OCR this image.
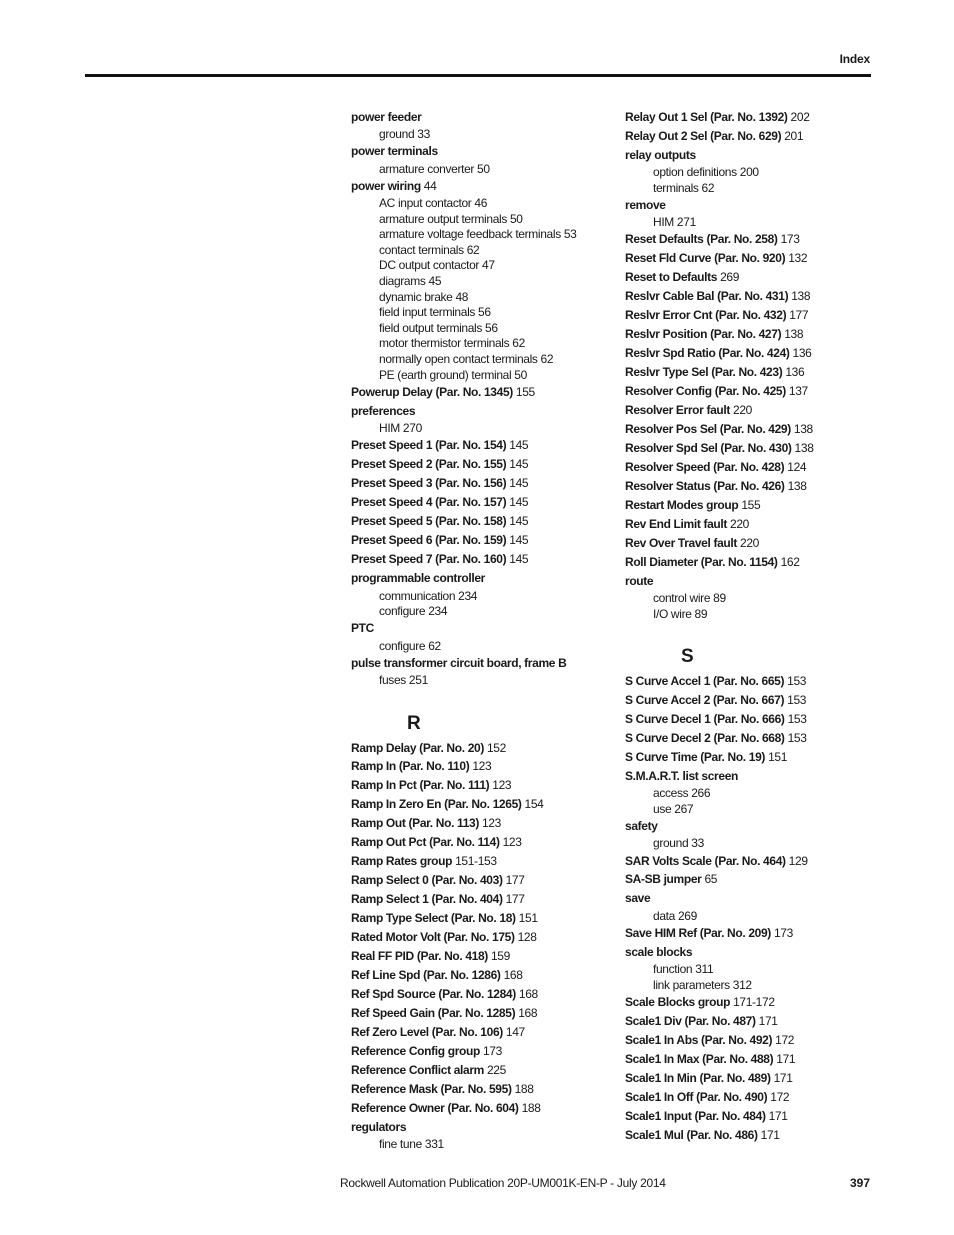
Index
power feeder
ground 33
power terminals
armature converter 50
power wiring 44
AC input contactor 46
armature output terminals 50
armature voltage feedback terminals 53
contact terminals 62
DC output contactor 47
diagrams 45
dynamic brake 48
field input terminals 56
field output terminals 56
motor thermistor terminals 62
normally open contact terminals 62
PE (earth ground) terminal 50
Powerup Delay (Par. No. 1345) 155
preferences
HIM 270
Preset Speed 1 (Par. No. 154) 145
Preset Speed 2 (Par. No. 155) 145
Preset Speed 3 (Par. No. 156) 145
Preset Speed 4 (Par. No. 157) 145
Preset Speed 5 (Par. No. 158) 145
Preset Speed 6 (Par. No. 159) 145
Preset Speed 7 (Par. No. 160) 145
programmable controller
communication 234
configure 234
PTC
configure 62
pulse transformer circuit board, frame B
fuses 251
R
Ramp Delay (Par. No. 20) 152
Ramp In (Par. No. 110) 123
Ramp In Pct (Par. No. 111) 123
Ramp In Zero En (Par. No. 1265) 154
Ramp Out (Par. No. 113) 123
Ramp Out Pct (Par. No. 114) 123
Ramp Rates group 151-153
Ramp Select 0 (Par. No. 403) 177
Ramp Select 1 (Par. No. 404) 177
Ramp Type Select (Par. No. 18) 151
Rated Motor Volt (Par. No. 175) 128
Real FF PID (Par. No. 418) 159
Ref Line Spd (Par. No. 1286) 168
Ref Spd Source (Par. No. 1284) 168
Ref Speed Gain (Par. No. 1285) 168
Ref Zero Level (Par. No. 106) 147
Reference Config group 173
Reference Conflict alarm 225
Reference Mask (Par. No. 595) 188
Reference Owner (Par. No. 604) 188
regulators
fine tune 331
Relay Out 1 Sel (Par. No. 1392) 202
Relay Out 2 Sel (Par. No. 629) 201
relay outputs
option definitions 200
terminals 62
remove
HIM 271
Reset Defaults (Par. No. 258) 173
Reset Fld Curve (Par. No. 920) 132
Reset to Defaults 269
Reslvr Cable Bal (Par. No. 431) 138
Reslvr Error Cnt (Par. No. 432) 177
Reslvr Position (Par. No. 427) 138
Reslvr Spd Ratio (Par. No. 424) 136
Reslvr Type Sel (Par. No. 423) 136
Resolver Config (Par. No. 425) 137
Resolver Error fault 220
Resolver Pos Sel (Par. No. 429) 138
Resolver Spd Sel (Par. No. 430) 138
Resolver Speed (Par. No. 428) 124
Resolver Status (Par. No. 426) 138
Restart Modes group 155
Rev End Limit fault 220
Rev Over Travel fault 220
Roll Diameter (Par. No. 1154) 162
route
control wire 89
I/O wire 89
S
S Curve Accel 1 (Par. No. 665) 153
S Curve Accel 2 (Par. No. 667) 153
S Curve Decel 1 (Par. No. 666) 153
S Curve Decel 2 (Par. No. 668) 153
S Curve Time (Par. No. 19) 151
S.M.A.R.T. list screen
access 266
use 267
safety
ground 33
SAR Volts Scale (Par. No. 464) 129
SA-SB jumper 65
save
data 269
Save HIM Ref (Par. No. 209) 173
scale blocks
function 311
link parameters 312
Scale Blocks group 171-172
Scale1 Div (Par. No. 487) 171
Scale1 In Abs (Par. No. 492) 172
Scale1 In Max (Par. No. 488) 171
Scale1 In Min (Par. No. 489) 171
Scale1 In Off (Par. No. 490) 172
Scale1 Input (Par. No. 484) 171
Scale1 Mul (Par. No. 486) 171
Rockwell Automation Publication 20P-UM001K-EN-P - July 2014	397
